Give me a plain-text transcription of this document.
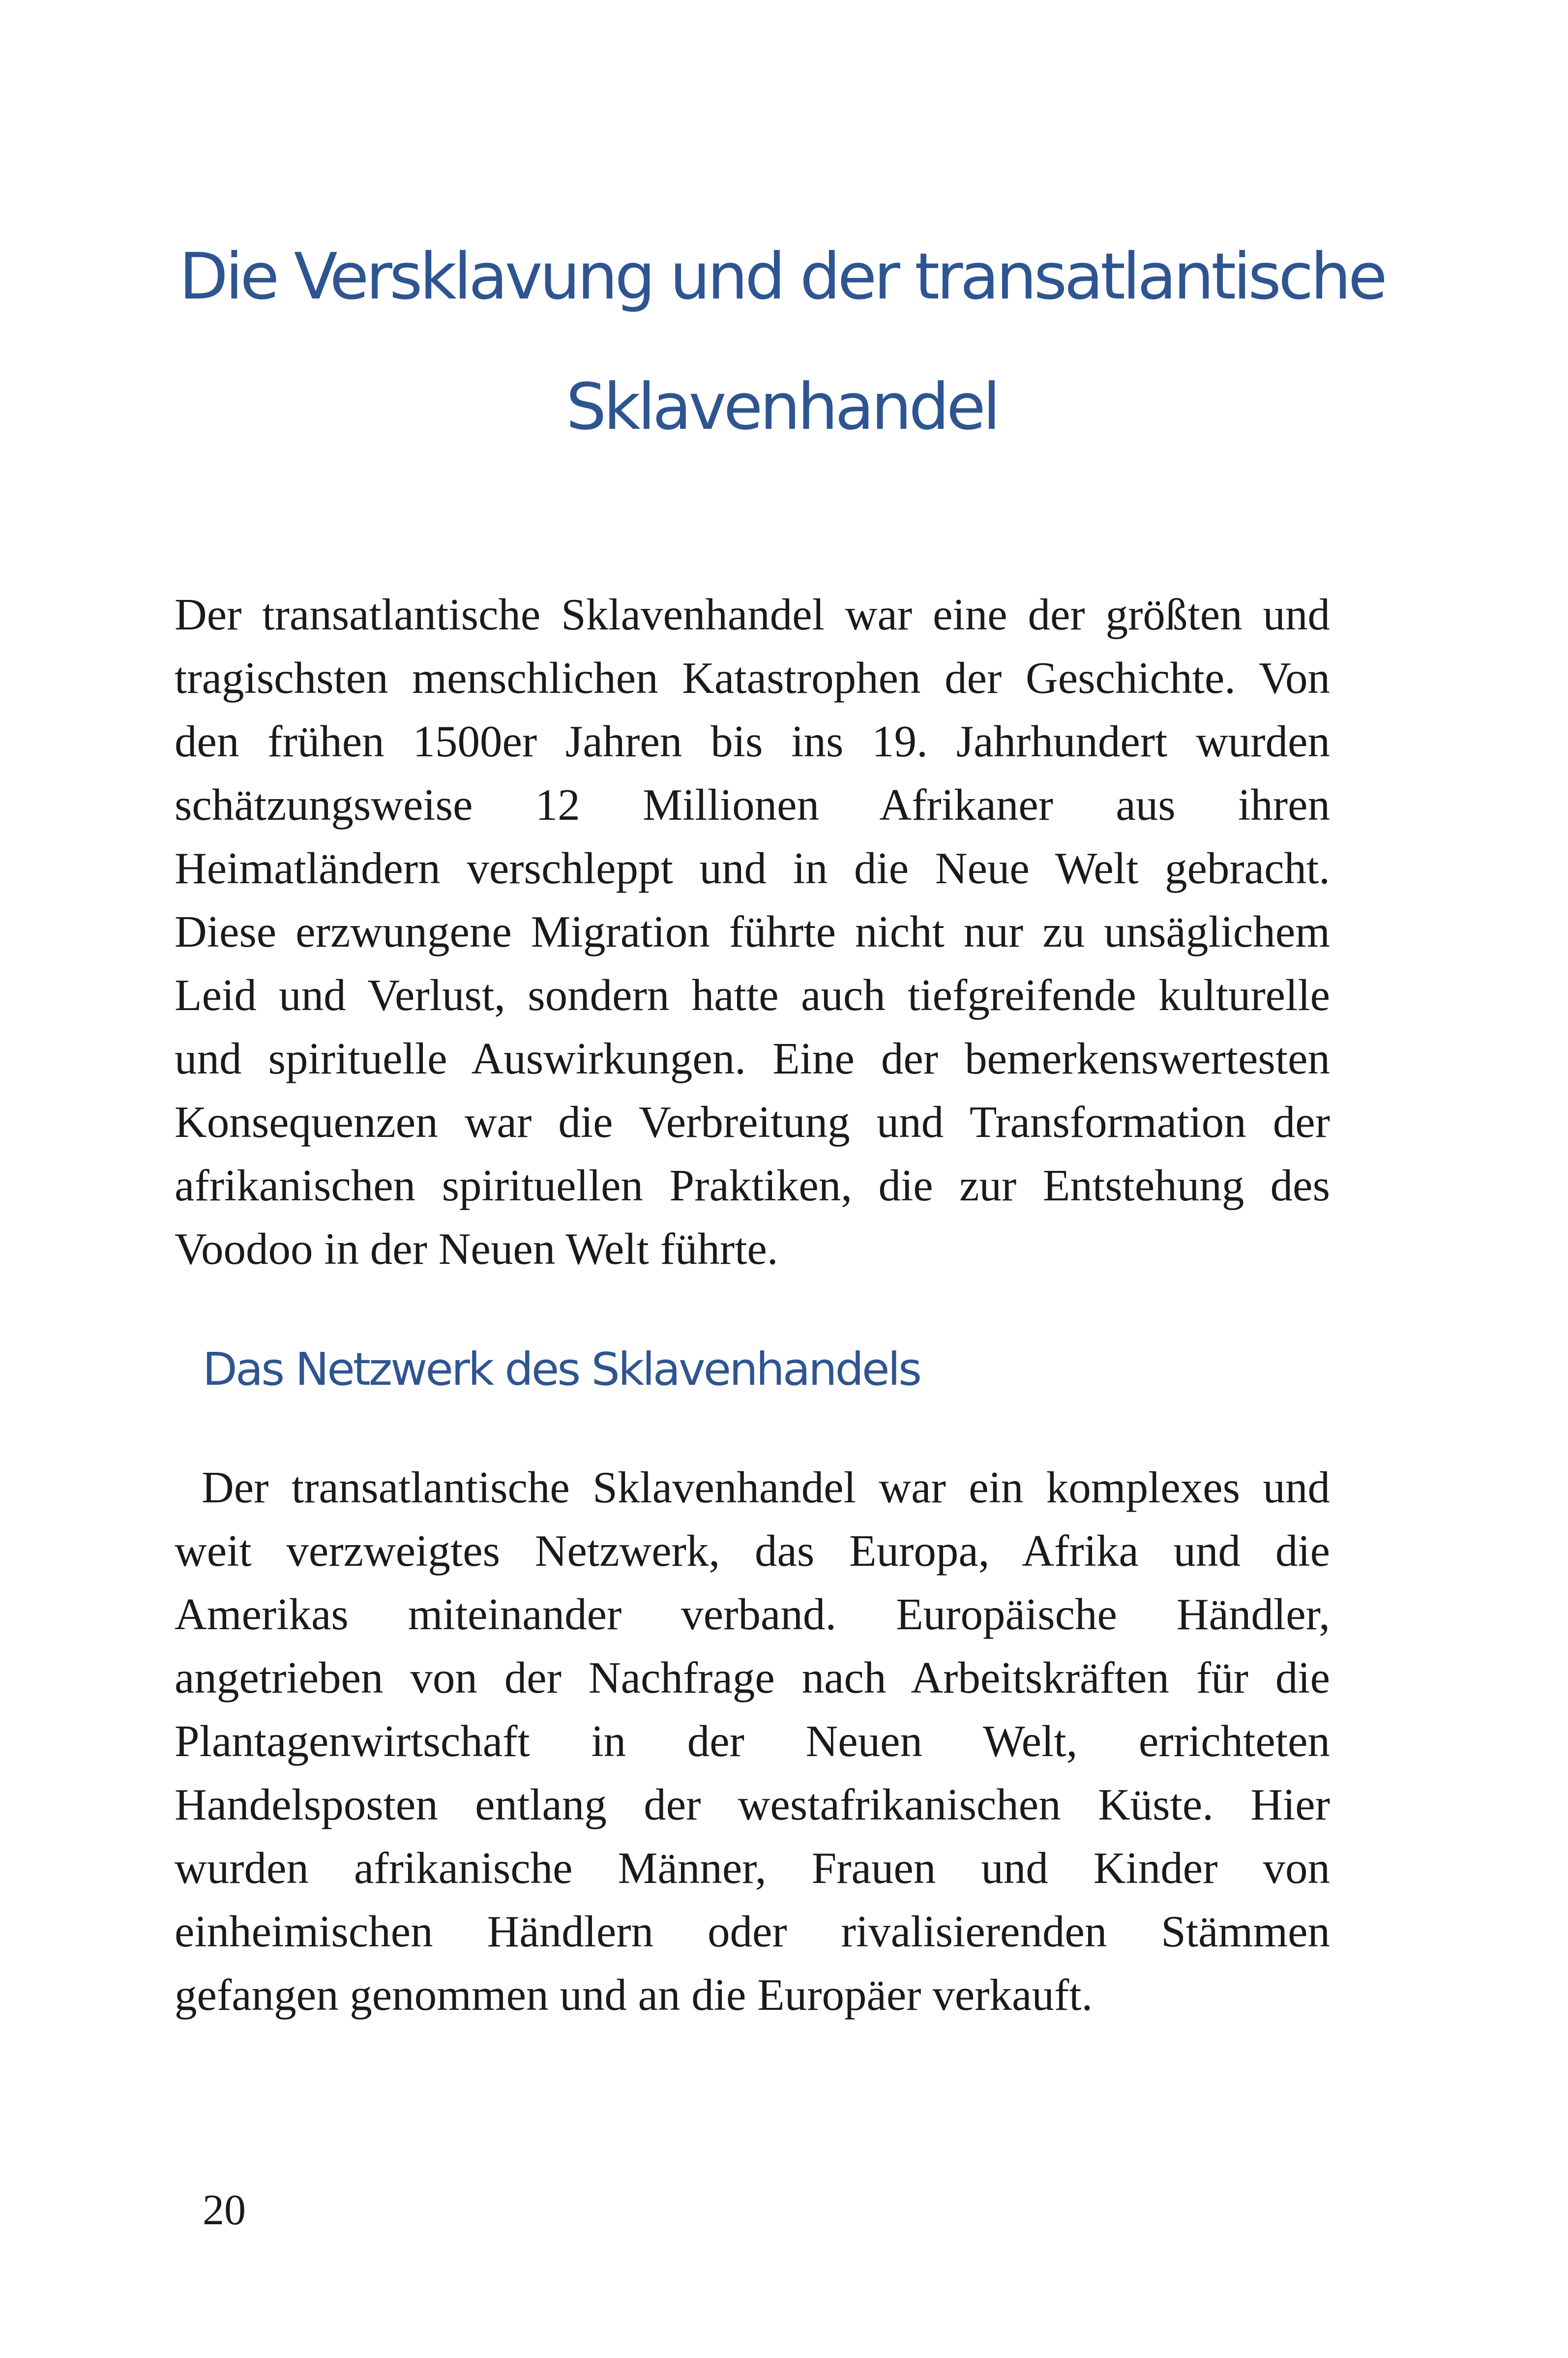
Die Versklavung und der transatlantische
Sklavenhandel

Der transatlantische Sklavenhandel war eine der größten und tragischsten menschlichen Katastrophen der Geschichte. Von den frühen 1500er Jahren bis ins 19. Jahrhundert wurden schätzungsweise 12 Millionen Afrikaner aus ihren Heimatländern verschleppt und in die Neue Welt gebracht. Diese erzwungene Migration führte nicht nur zu unsäglichem Leid und Verlust, sondern hatte auch tiefgreifende kulturelle und spirituelle Auswirkungen. Eine der bemerkenswertesten Konsequenzen war die Verbreitung und Transformation der afrikanischen spirituellen Praktiken, die zur Entstehung des Voodoo in der Neuen Welt führte.

Das Netzwerk des Sklavenhandels

Der transatlantische Sklavenhandel war ein komplexes und weit verzweigtes Netzwerk, das Europa, Afrika und die Amerikas miteinander verband. Europäische Händler, angetrieben von der Nachfrage nach Arbeitskräften für die Plantagenwirtschaft in der Neuen Welt, errichteten Handelsposten entlang der westafrikanischen Küste. Hier wurden afrikanische Männer, Frauen und Kinder von einheimischen Händlern oder rivalisierenden Stämmen gefangen genommen und an die Europäer verkauft.

20
